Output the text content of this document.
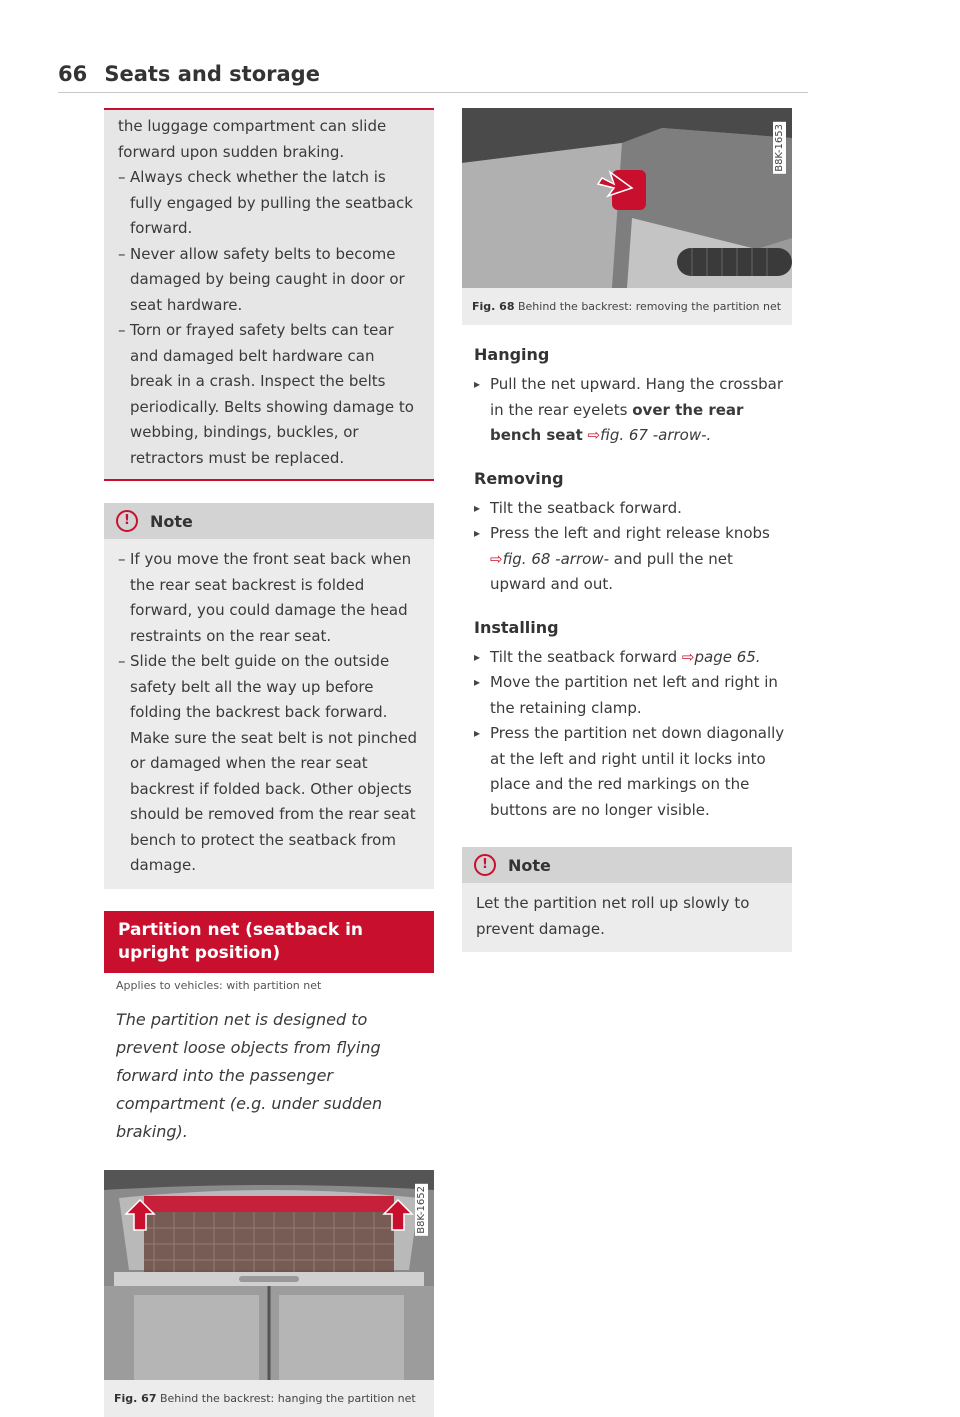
66 Seats and storage
the luggage compartment can slide forward upon sudden braking.
– Always check whether the latch is fully engaged by pulling the seatback forward.
– Never allow safety belts to become damaged by being caught in door or seat hardware.
– Torn or frayed safety belts can tear and damaged belt hardware can break in a crash. Inspect the belts periodically. Belts showing damage to webbing, bindings, buckles, or retractors must be replaced.
!	Note
– If you move the front seat back when the rear seat backrest is folded forward, you could damage the head restraints on the rear seat.
– Slide the belt guide on the outside safety belt all the way up before folding the backrest back forward. Make sure the seat belt is not pinched or damaged when the rear seat backrest if folded back. Other objects should be removed from the rear seat bench to protect the seatback from damage.
Partition net (seatback in upright position)
Applies to vehicles: with partition net
The partition net is designed to prevent loose objects from flying forward into the passenger compartment (e.g. under sudden braking).
B8K-1652
Fig. 67 Behind the backrest: hanging the partition net
B8K-1653
Fig. 68 Behind the backrest: removing the partition net
Hanging
▸ Pull the net upward. Hang the crossbar in the rear eyelets over the rear bench seat ⇨fig. 67 -arrow-.
Removing
▸ Tilt the seatback forward.
▸ Press the left and right release knobs ⇨fig. 68 -arrow- and pull the net upward and out.
Installing
▸ Tilt the seatback forward ⇨page 65.
▸ Move the partition net left and right in the retaining clamp.
▸ Press the partition net down diagonally at the left and right until it locks into place and the red markings on the buttons are no longer visible.
!	Note
Let the partition net roll up slowly to prevent damage.
